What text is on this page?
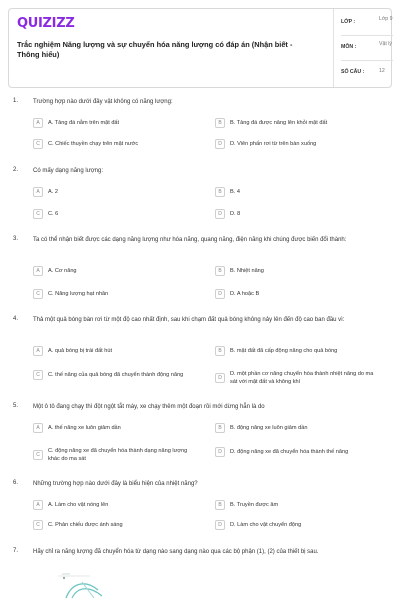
QUIZIZZ
Trắc nghiệm Năng lượng và sự chuyển hóa năng lượng có đáp án (Nhận biết - Thông hiểu)
LỚP :	Lớp 9
MÔN :	Vật lý
SỐ CÂU :	12
1. Trường hợp nào dưới đây vật không có năng lượng:
A	A. Tảng đá nằm trên mặt đất	B	B. Tảng đá được nâng lên khỏi mặt đất
C	C. Chiếc thuyền chạy trên mặt nước	D	D. Viên phấn rơi từ trên bàn xuống
2. Có mấy dạng năng lượng:
A	A. 2	B	B. 4
C	C. 6	D	D. 8
3. Ta có thể nhận biết được các dạng năng lượng như hóa năng, quang năng, điện năng khi chúng được biến đổi thành:
A	A. Cơ năng	B	B. Nhiệt năng
C	C. Năng lượng hạt nhân	D	D. A hoặc B
4. Thả một quả bóng bàn rơi từ một độ cao nhất định, sau khi chạm đất quả bóng không nảy lên đến độ cao ban đầu vì:
A	A. quả bóng bị trái đất hút	B	B. mặt đất đã cấp động năng cho quả bóng
C	C. thế năng của quả bóng đã chuyển thành động năng
D
D. một phần cơ năng chuyển hóa thành nhiệt năng do ma sát với mặt đất và không khí
5. Một ô tô đang chạy thì đột ngột tắt máy, xe chạy thêm một đoạn rồi mới dừng hẳn là do
A	A. thế năng xe luôn giảm dần	B	B. động năng xe luôn giảm dần
C
C. động năng xe đã chuyển hóa thành dạng năng lượng khác do ma sát
D	D. động năng xe đã chuyển hóa thành thế năng
6. Những trường hợp nào dưới đây là biểu hiện của nhiệt năng?
A	A. Làm cho vật nóng lên	B	B. Truyền được âm
C	C. Phản chiếu được ánh sáng	D	D. Làm cho vật chuyển động
7. Hãy chỉ ra năng lượng đã chuyển hóa từ dạng nào sang dạng nào qua các bộ phận (1), (2) của thiết bị sau.
